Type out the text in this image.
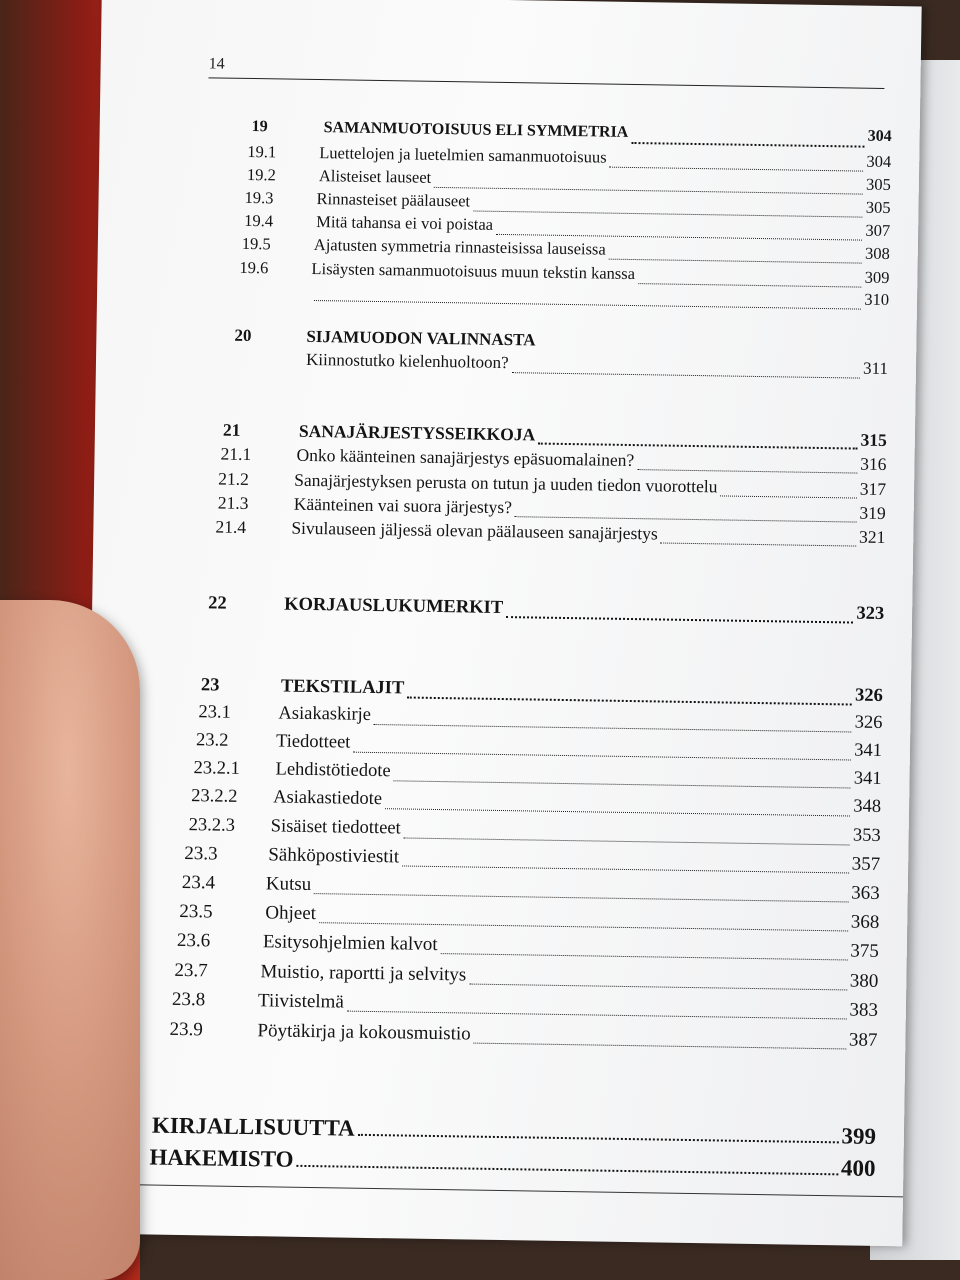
14
19	SAMANMUOTOISUUS ELI SYMMETRIA	304
19.1	Luettelojen ja luetelmien samanmuotoisuus	304
19.2	Alisteiset lauseet	305
19.3	Rinnasteiset päälauseet	305
19.4	Mitä tahansa ei voi poistaa	307
19.5	Ajatusten symmetria rinnasteisissa lauseissa	308
19.6	Lisäysten samanmuotoisuus muun tekstin kanssa	309
310
20	SIJAMUODON VALINNASTA
Kiinnostutko kielenhuoltoon?	311
21	SANAJÄRJESTYSSEIKKOJA	315
21.1	Onko käänteinen sanajärjestys epäsuomalainen?	316
21.2	Sanajärjestyksen perusta on tutun ja uuden tiedon vuorottelu	317
21.3	Käänteinen vai suora järjestys?	319
21.4	Sivulauseen jäljessä olevan päälauseen sanajärjestys	321
22	KORJAUSLUKUMERKIT	323
23	TEKSTILAJIT	326
23.1	Asiakaskirje	326
23.2	Tiedotteet	341
23.2.1	Lehdistötiedote	341
23.2.2	Asiakastiedote	348
23.2.3	Sisäiset tiedotteet	353
23.3	Sähköpostiviestit	357
23.4	Kutsu	363
23.5	Ohjeet	368
23.6	Esitysohjelmien kalvot	375
23.7	Muistio, raportti ja selvitys	380
23.8	Tiivistelmä	383
23.9	Pöytäkirja ja kokousmuistio	387
KIRJALLISUUTTA	399
HAKEMISTO	400
